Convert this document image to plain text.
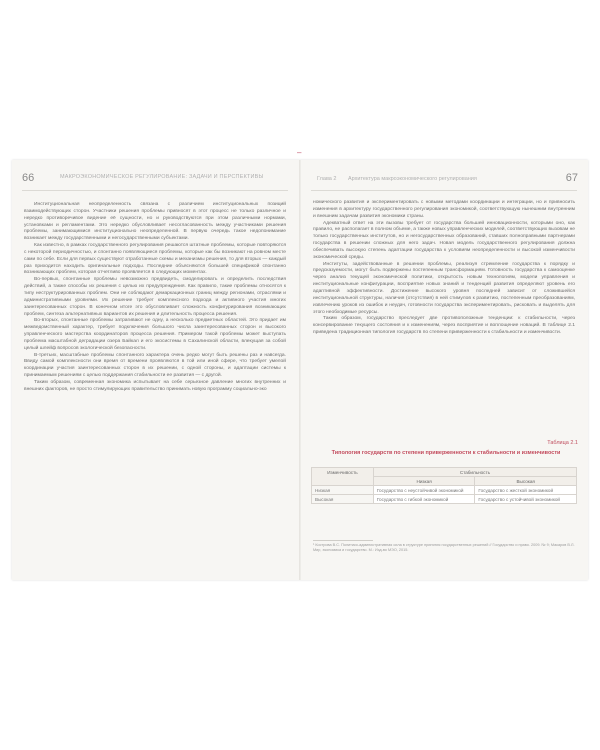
–
66	МАКРОЭКОНОМИЧЕСКОЕ РЕГУЛИРОВАНИЕ: ЗАДАЧИ И ПЕРСПЕКТИВЫ

Институциональная неопределенность связана с различием институциональных позиций взаимодействующих сторон. Участники решения проблемы привносят в этот процесс не только различное и нередко противоречивое видение её сущности, но и руководствуются при этом различными нормами, установками и регламентами. Это нередко обусловливает несогласованность между участниками решения проблемы, занимающимися институционально неопределенной. В первую очередь такое недопонимание возникает между государственными и негосударственными субъектами.

Как известно, в рамках государственного регулирования решаются штатные проблемы, которые повторяются с некоторой периодичностью, и спонтанно появляющиеся проблемы, которые как бы возникают на ровном месте сами по себе. Если для первых существуют отработанные схемы и механизмы решения, то для вторых — каждый раз приходится находить оригинальные подходы. Последние объясняются большей спецификой спонтанно возникающих проблем, которая отчетливо проявляется в следующих моментах.

Во-первых, спонтанные проблемы невозможно предвидеть, смоделировать и определить последствия действий, а также способы их решения с целью их предупреждения. Как правило, такие проблемы относятся к типу неструктурированных проблем. Они не соблюдают демаркационных границ между регионами, отраслями и административными уровнями. Их решение требует комплексного подхода и активного участия многих заинтересованных сторон. В конечном итоге это обусловливает сложность конфигурирования возникающих проблем, синтеза альтернативных вариантов их решения и длительность процесса решения.

Во-вторых, спонтанные проблемы затрагивают не одну, а несколько предметных областей. Это придает им межведомственный характер, требует подключения большого числа заинтересованных сторон и высокого управленческого мастерства координаторов процесса решения. Примером такой проблемы может выступать проблема масштабной деградации озера Байкал и его экосистемы в Сахалинской области, влекущая за собой целый шлейф вопросов экологической безопасности.

В-третьих, масштабные проблемы спонтанного характера очень редко могут быть решены раз и навсегда. Ввиду самой комплексности они время от времени проявляются в той или иной сфере, что требует умелой координации участия заинтересованных сторон в их решении, с одной стороны, и адаптации системы к принимаемым решениям с целью поддержания стабильности ее развития — с другой.

Таким образом, современная экономика испытывает на себе серьезное давление многих внутренних и внешних факторов, не просто стимулирующих правительство принимать новую программу социально-эко

Глава 2 Архитектура макроэкономического регулирования	67

номического развития и экспериментировать с новыми методами координации и интеграции, но и привносить изменения в архитектуру государственного регулирования экономикой, соответствующую нынешним внутренним и внешним задачам развития экономики страны.

Адекватный ответ на эти вызовы требует от государства большей инновационности, которыми оно, как правило, не располагает в полном объеме, а также новых управленческих моделей, соответствующих вызовам не только государственных институтов, но и негосударственных образований, ставших полноправными партнерами государства в решении сложных для него задач. Новая модель государственного регулирования должна обеспечивать высокую степень адаптации государства к условиям неопределенности и высокой изменчивости экономической среды.

Институты, задействованные в решении проблемы, реализуя стремление государства к порядку и предсказуемости, могут быть подвержены постепенным трансформациям. Готовность государства к самооценке через анализ текущей экономической политики, открытость новым технологиям, модели управления и институциональные конфигурации, восприятие новых знаний и тенденций развития определяют уровень его адаптивной эффективности. Достижение высокого уровня последней зависит от сложившейся институциональной структуры, наличия (отсутствия) в ней стимулов к развитию, постепенным преобразованиям, извлечению уроков из ошибок и неудач, готовности государства экспериментировать, рисковать и выделять для этого необходимые ресурсы.

Таким образом, государство преследует две противоположные тенденции: к стабильности, через консервирование текущего состояния и к изменениям, через восприятие и воплощение новаций. В таблице 2.1 приведена традиционная типология государств по степени приверженности к стабильности и изменчивости.

Таблица 2.1
Типология государств по степени приверженности к стабильности и изменчивости
Изменчивость	Стабильность	
	Низкая	Высокая
Низкая	Государство с неустойчивой экономикой	Государство с жесткой экономикой
Высокая	Государство с гибкой экономикой	Государство с устойчивой экономикой
¹ Кострова В.С. Политико-административная сила в структуре принятия государственных решений // Государство и право. 2009. № 9; Макаров В.Л. Мир, экономика и государство. М.: Изд-во МЭО, 2015.
